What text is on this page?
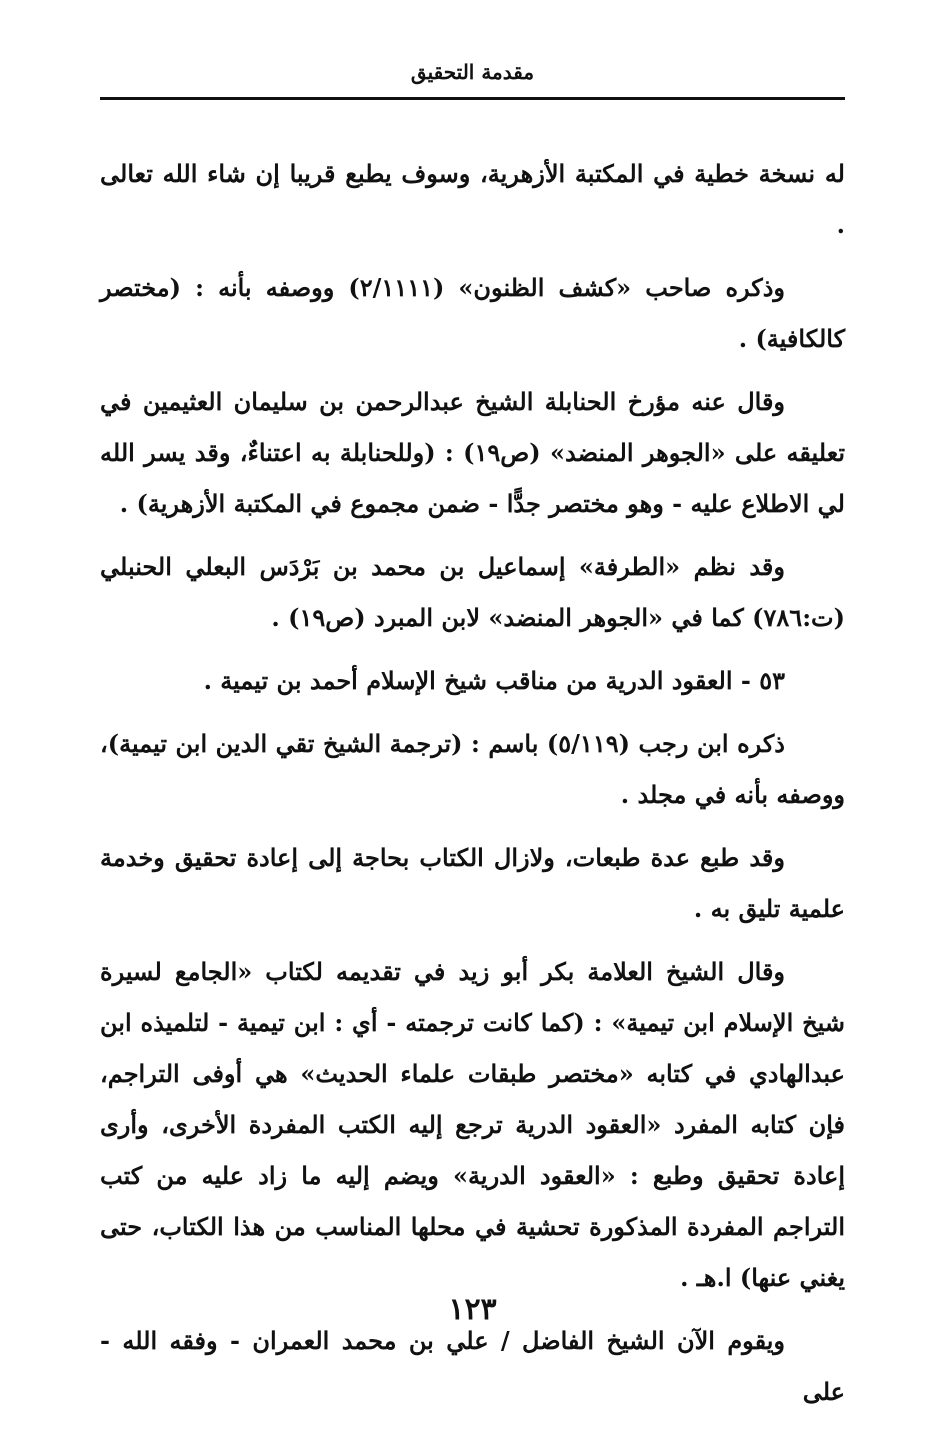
مقدمة التحقيق

له نسخة خطية في المكتبة الأزهرية، وسوف يطبع قريبا إن شاء الله تعالى .

وذكره صاحب «كشف الظنون» (٢/١١١١) ووصفه بأنه : (مختصر كالكافية) .

وقال عنه مؤرخ الحنابلة الشيخ عبدالرحمن بن سليمان العثيمين في تعليقه على «الجوهر المنضد» (ص١٩) : (وللحنابلة به اعتناءٌ، وقد يسر الله لي الاطلاع عليه - وهو مختصر جدًّا - ضمن مجموع في المكتبة الأزهرية) .

وقد نظم «الطرفة» إسماعيل بن محمد بن بَرْدَس البعلي الحنبلي (ت:٧٨٦) كما في «الجوهر المنضد» لابن المبرد (ص١٩) .

٥٣ - العقود الدرية من مناقب شيخ الإسلام أحمد بن تيمية .

ذكره ابن رجب (٥/١١٩) باسم : (ترجمة الشيخ تقي الدين ابن تيمية)، ووصفه بأنه في مجلد .

وقد طبع عدة طبعات، ولازال الكتاب بحاجة إلى إعادة تحقيق وخدمة علمية تليق به .

وقال الشيخ العلامة بكر أبو زيد في تقديمه لكتاب «الجامع لسيرة شيخ الإسلام ابن تيمية» : (كما كانت ترجمته - أي : ابن تيمية - لتلميذه ابن عبدالهادي في كتابه «مختصر طبقات علماء الحديث» هي أوفى التراجم، فإن كتابه المفرد «العقود الدرية ترجع إليه الكتب المفردة الأخرى، وأرى إعادة تحقيق وطبع : «العقود الدرية» ويضم إليه ما زاد عليه من كتب التراجم المفردة المذكورة تحشية في محلها المناسب من هذا الكتاب، حتى يغني عنها) ا.هـ .

ويقوم الآن الشيخ الفاضل / علي بن محمد العمران - وفقه الله - على

١٢٣
